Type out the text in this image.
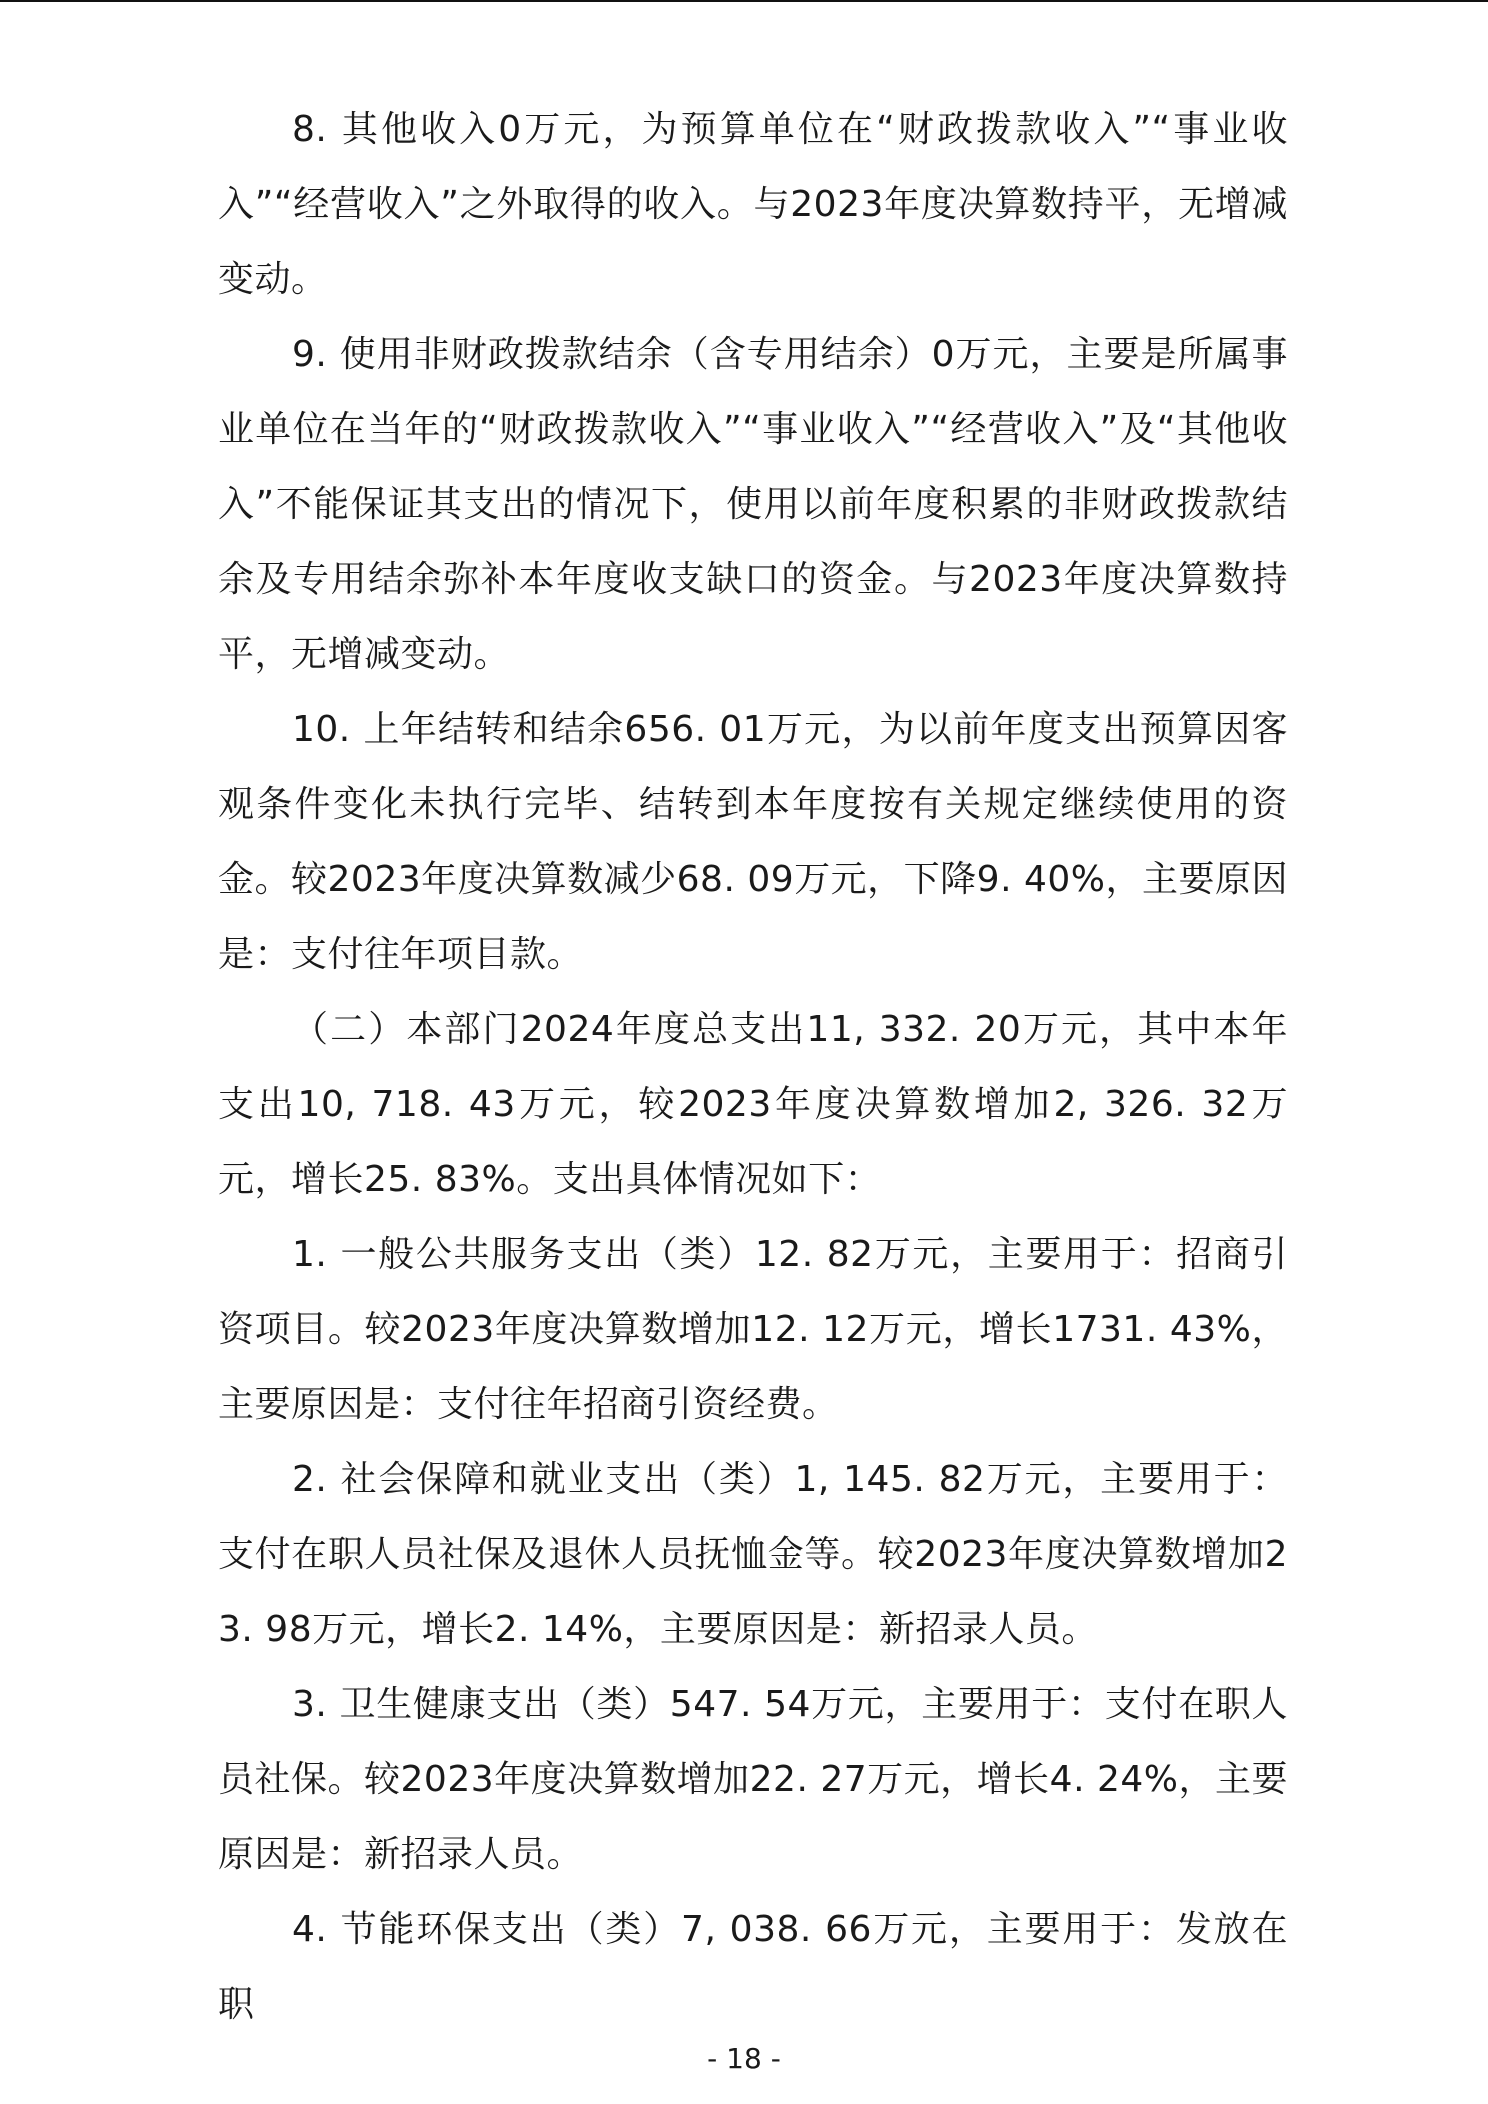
8. 其他收入0万元，为预算单位在“财政拨款收入”“事业收入”“经营收入”之外取得的收入。与2023年度决算数持平，无增减变动。

9. 使用非财政拨款结余（含专用结余）0万元，主要是所属事业单位在当年的“财政拨款收入”“事业收入”“经营收入”及“其他收入”不能保证其支出的情况下，使用以前年度积累的非财政拨款结余及专用结余弥补本年度收支缺口的资金。与2023年度决算数持平，无增减变动。

10. 上年结转和结余656. 01万元，为以前年度支出预算因客观条件变化未执行完毕、结转到本年度按有关规定继续使用的资金。较2023年度决算数减少68. 09万元，下降9. 40%，主要原因是：支付往年项目款。

（二）本部门2024年度总支出11, 332. 20万元，其中本年支出10, 718. 43万元，较2023年度决算数增加2, 326. 32万元，增长25. 83%。支出具体情况如下：

1. 一般公共服务支出（类）12. 82万元，主要用于：招商引资项目。较2023年度决算数增加12. 12万元，增长1731. 43%，主要原因是：支付往年招商引资经费。

2. 社会保障和就业支出（类）1, 145. 82万元，主要用于：支付在职人员社保及退休人员抚恤金等。较2023年度决算数增加23. 98万元，增长2. 14%，主要原因是：新招录人员。

3. 卫生健康支出（类）547. 54万元，主要用于：支付在职人员社保。较2023年度决算数增加22. 27万元，增长4. 24%，主要原因是：新招录人员。

4. 节能环保支出（类）7, 038. 66万元，主要用于：发放在职

- 18 -
